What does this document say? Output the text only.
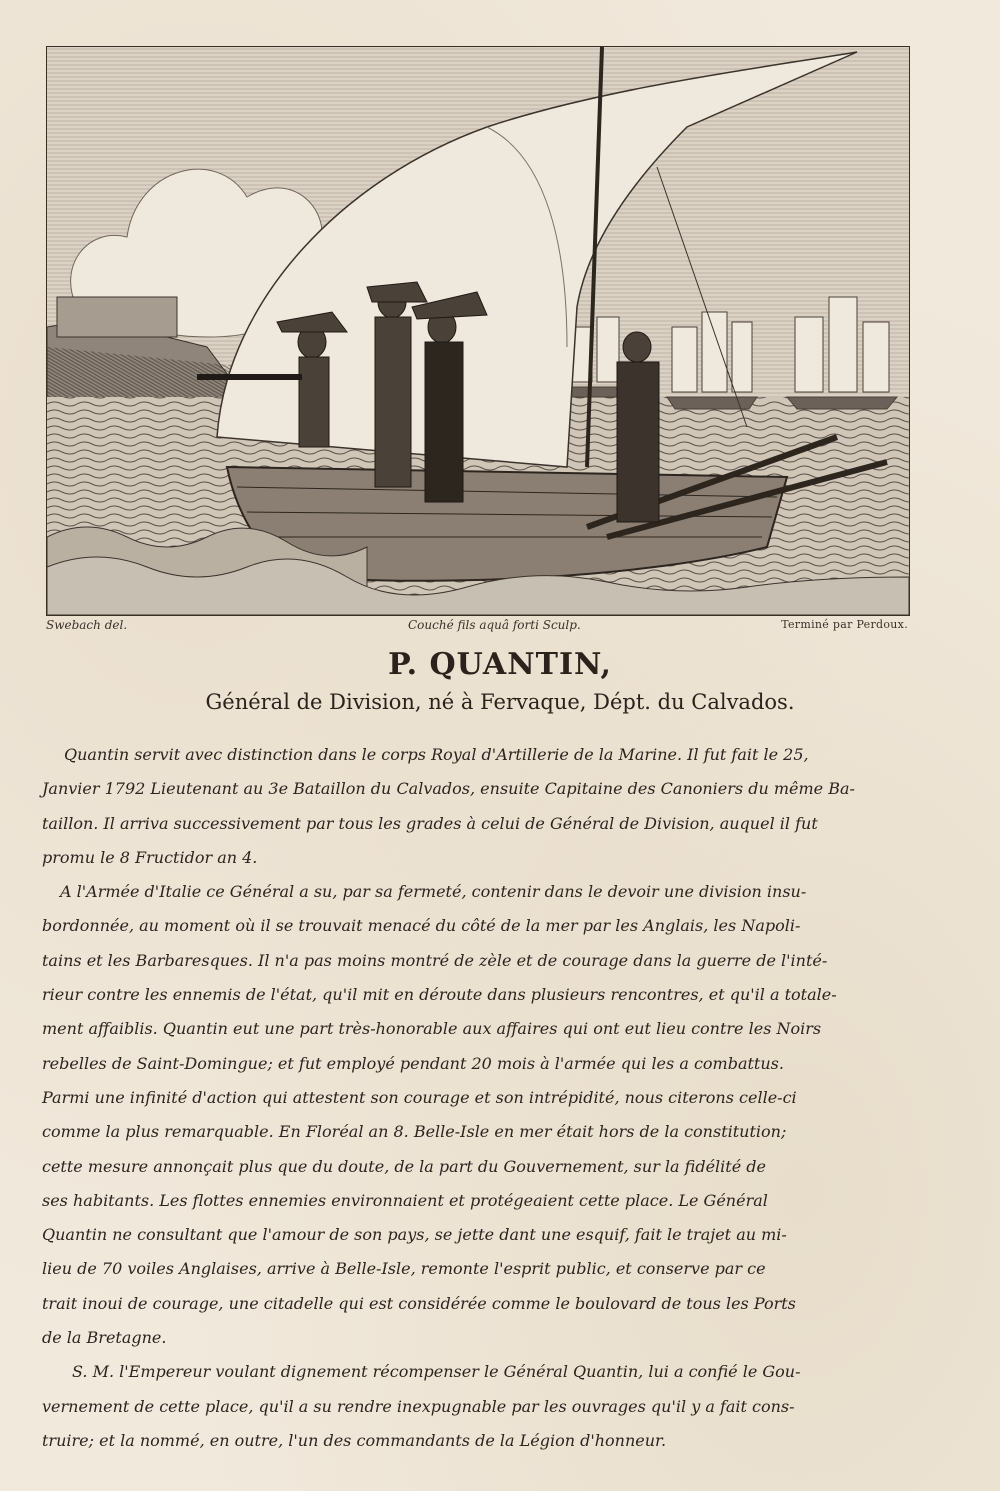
Swebach del.	Couché fils aquâ forti Sculp.	Terminé par Perdoux.
P. QUANTIN,
Général de Division, né à Fervaque, Dépt. du Calvados.
Quantin servit avec distinction dans le corps Royal d'Artillerie de la Marine. Il fut fait le 25,
Janvier 1792 Lieutenant au 3e Bataillon du Calvados, ensuite Capitaine des Canoniers du même Ba-
taillon. Il arriva successivement par tous les grades à celui de Général de Division, auquel il fut
promu le 8 Fructidor an 4.
A l'Armée d'Italie ce Général a su, par sa fermeté, contenir dans le devoir une division insu-
bordonnée, au moment où il se trouvait menacé du côté de la mer par les Anglais, les Napoli-
tains et les Barbaresques. Il n'a pas moins montré de zèle et de courage dans la guerre de l'inté-
rieur contre les ennemis de l'état, qu'il mit en déroute dans plusieurs rencontres, et qu'il a totale-
ment affaiblis. Quantin eut une part très-honorable aux affaires qui ont eut lieu contre les Noirs
rebelles de Saint-Domingue; et fut employé pendant 20 mois à l'armée qui les a combattus.
Parmi une infinité d'action qui attestent son courage et son intrépidité, nous citerons celle-ci
comme la plus remarquable. En Floréal an 8. Belle-Isle en mer était hors de la constitution;
cette mesure annonçait plus que du doute, de la part du Gouvernement, sur la fidélité de
ses habitants. Les flottes ennemies environnaient et protégeaient cette place. Le Général
Quantin ne consultant que l'amour de son pays, se jette dant une esquif, fait le trajet au mi-
lieu de 70 voiles Anglaises, arrive à Belle-Isle, remonte l'esprit public, et conserve par ce
trait inoui de courage, une citadelle qui est considérée comme le boulovard de tous les Ports
de la Bretagne.
S. M. l'Empereur voulant dignement récompenser le Général Quantin, lui a confié le Gou-
vernement de cette place, qu'il a su rendre inexpugnable par les ouvrages qu'il y a fait cons-
truire; et la nommé, en outre, l'un des commandants de la Légion d'honneur.
